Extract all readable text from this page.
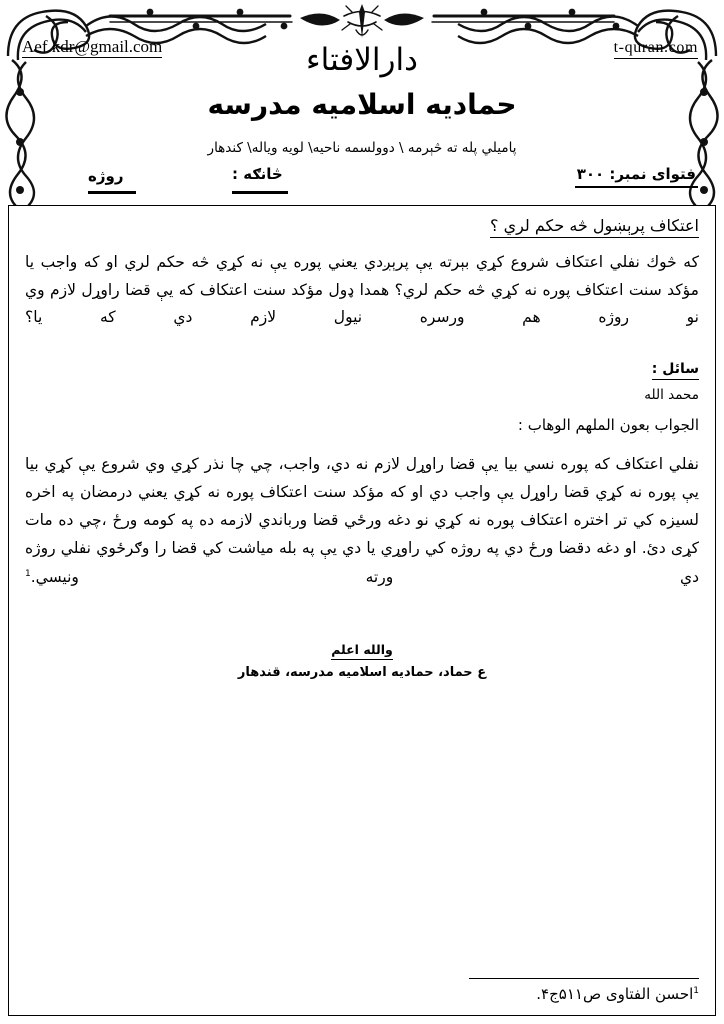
Aef.kdr@gmail.com	t-quran.com
دارالافتاء
حماديه اسلاميه مدرسه
پاميلي پله ته څېرمه \ دوولسمه ناحيه\ لويه وياله\ كندهار
فتوای نمبر: ۳۰۰
څانګه :
روژه
اعتكاف پرېښول څه حكم لري ؟
كه څوك نفلي اعتكاف شروع كړي بېرته يې پرېږدي يعني پوره يې نه كړي څه حكم لري او كه واجب يا مؤكد سنت اعتكاف پوره نه كړي څه حكم لري؟ همدا ډول مؤكد سنت اعتكاف كه يې قضا راوړل لازم وي نو روژه هم ورسره نيول لازم دي كه يا؟
سائل :
محمد الله
الجواب بعون الملهم الوهاب :
نفلي اعتكاف كه پوره نسي بيا يې قضا راوړل لازم نه دي، واجب، چي چا نذر كړي وي شروع يې كړي بيا يې پوره نه كړي قضا راوړل يې واجب دي او كه مؤكد سنت اعتكاف پوره نه كړي يعني درمضان په اخره لسيزه كي تر اختره اعتكاف پوره نه كړي نو دغه ورځي قضا ورباندي لازمه ده په كومه ورځ ،چي ده مات كړى دئ. او دغه دقضا ورځ دي په روژه كي راوړي يا دي يې په بله مياشت كي قضا را وګرځوي نفلي روژه دي ورته ونيسي.$^1$
والله اعلم
ع حماد، حماديه اسلاميه مدرسه، قندهار
$^1$احسن الفتاوی ص۵۱۱ج۴.
